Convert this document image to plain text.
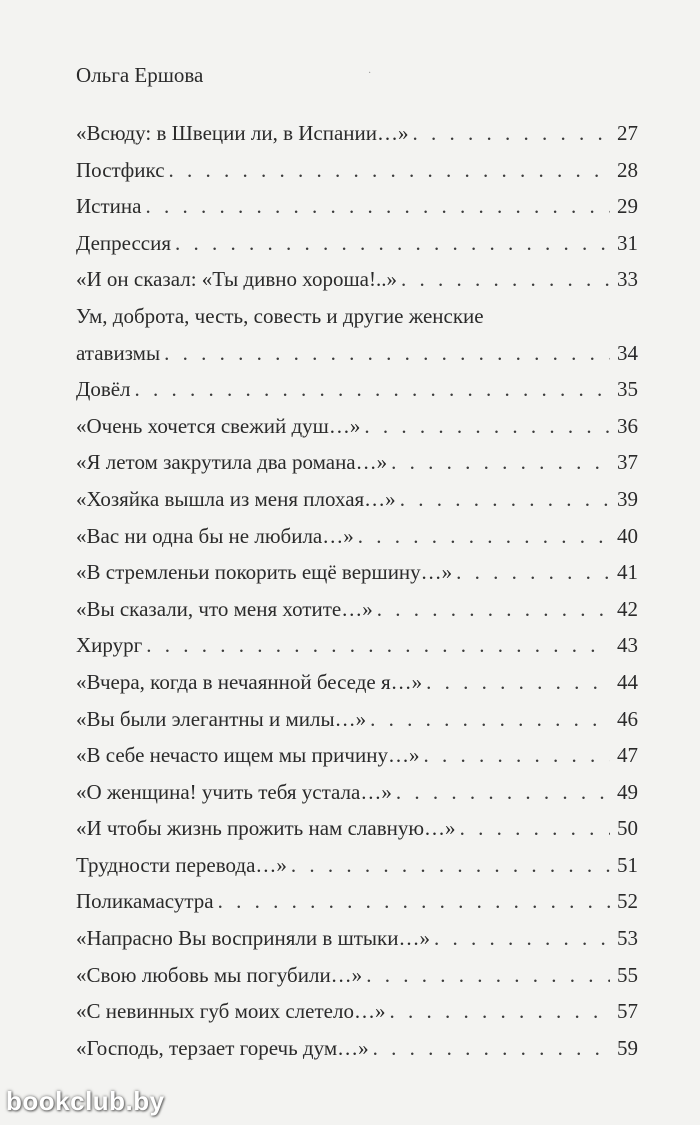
Ольга Ершова	·
«Всюду: в Швеции ли, в Испании…» . . .	27
Постфикс . . .	28
Истина . . .	29
Депрессия . . .	31
«И он сказал: «Ты дивно хороша!..» . . .	33
Ум, доброта, честь, совесть и другие женские
атавизмы . . .	34
Довёл . . .	35
«Очень хочется свежий душ…» . . .	36
«Я летом закрутила два романа…» . . .	37
«Хозяйка вышла из меня плохая…» . . .	39
«Вас ни одна бы не любила…» . . .	40
«В стремленьи покорить ещё вершину…» . . .	41
«Вы сказали, что меня хотите…» . . .	42
Хирург . . .	43
«Вчера, когда в нечаянной беседе я…» . . .	44
«Вы были элегантны и милы…» . . .	46
«В себе нечасто ищем мы причину…» . . .	47
«О женщина! учить тебя устала…» . . .	49
«И чтобы жизнь прожить нам славную…» . . .	50
Трудности перевода…» . . .	51
Поликамасутра . . .	52
«Напрасно Вы восприняли в штыки…» . . .	53
«Свою любовь мы погубили…» . . .	55
«С невинных губ моих слетело…» . . .	57
«Господь, терзает горечь дум…» . . .	59
bookclub.by
